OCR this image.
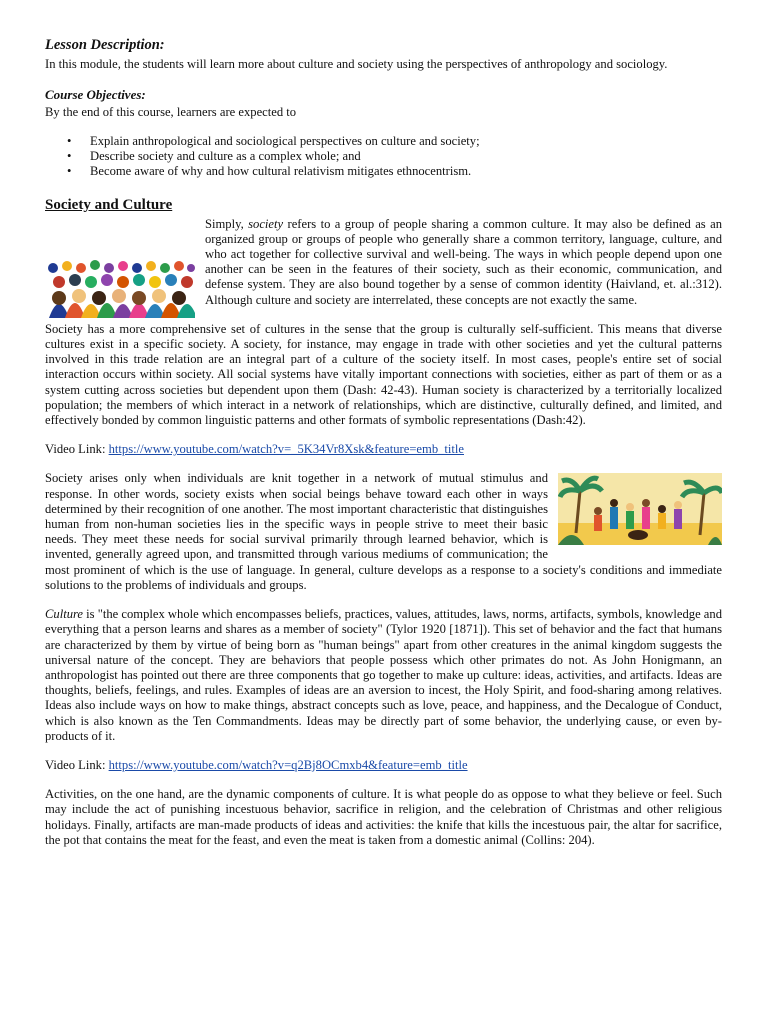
Lesson Description:

In this module, the students will learn more about culture and society using the perspectives of anthropology and sociology.

Course Objectives:

By the end of this course, learners are expected to

• Explain anthropological and sociological perspectives on culture and society;
• Describe society and culture as a complex whole; and
• Become aware of why and how cultural relativism mitigates ethnocentrism.

Society and Culture

Simply, society refers to a group of people sharing a common culture. It may also be defined as an organized group or groups of people who generally share a common territory, language, culture, and who act together for collective survival and well-being. The ways in which people depend upon one another can be seen in the features of their society, such as their economic, communication, and defense system. They are also bound together by a sense of common identity (Haivland, et. al.:312). Although culture and society are interrelated, these concepts are not exactly the same.

Society has a more comprehensive set of cultures in the sense that the group is culturally self-sufficient. This means that diverse cultures exist in a specific society. A society, for instance, may engage in trade with other societies and yet the cultural patterns involved in this trade relation are an integral part of a culture of the society itself. In most cases, people's entire set of social interaction occurs within society. All social systems have vitally important connections with societies, either as part of them or as a system cutting across societies but dependent upon them (Dash: 42-43). Human society is characterized by a territorially localized population; the members of which interact in a network of relationships, which are distinctive, culturally defined, and limited, and effectively bonded by common linguistic patterns and other formats of symbolic representations (Dash:42).

Video Link: https://www.youtube.com/watch?v=_5K34Vr8Xsk&feature=emb_title

Society arises only when individuals are knit together in a network of mutual stimulus and response. In other words, society exists when social beings behave toward each other in ways determined by their recognition of one another. The most important characteristic that distinguishes human from non-human societies lies in the specific ways in people strive to meet their basic needs. They meet these needs for social survival primarily through learned behavior, which is invented, generally agreed upon, and transmitted through various mediums of communication; the most prominent of which is the use of language. In general, culture develops as a response to a society's conditions and immediate solutions to the problems of individuals and groups.

Culture is "the complex whole which encompasses beliefs, practices, values, attitudes, laws, norms, artifacts, symbols, knowledge and everything that a person learns and shares as a member of society" (Tylor 1920 [1871]). This set of behavior and the fact that humans are characterized by them by virtue of being born as "human beings" apart from other creatures in the animal kingdom suggests the universal nature of the concept. They are behaviors that people possess which other primates do not. As John Honigmann, an anthropologist has pointed out there are three components that go together to make up culture: ideas, activities, and artifacts. Ideas are thoughts, beliefs, feelings, and rules. Examples of ideas are an aversion to incest, the Holy Spirit, and food-sharing among relatives. Ideas also include ways on how to make things, abstract concepts such as love, peace, and happiness, and the Decalogue of Conduct, which is also known as the Ten Commandments. Ideas may be directly part of some behavior, the underlying cause, or even by-products of it.

Video Link: https://www.youtube.com/watch?v=q2Bj8OCmxb4&feature=emb_title

Activities, on the one hand, are the dynamic components of culture. It is what people do as oppose to what they believe or feel. Such may include the act of punishing incestuous behavior, sacrifice in religion, and the celebration of Christmas and other religious holidays. Finally, artifacts are man-made products of ideas and activities: the knife that kills the incestuous pair, the altar for sacrifice, the pot that contains the meat for the feast, and even the meat is taken from a domestic animal (Collins: 204).
